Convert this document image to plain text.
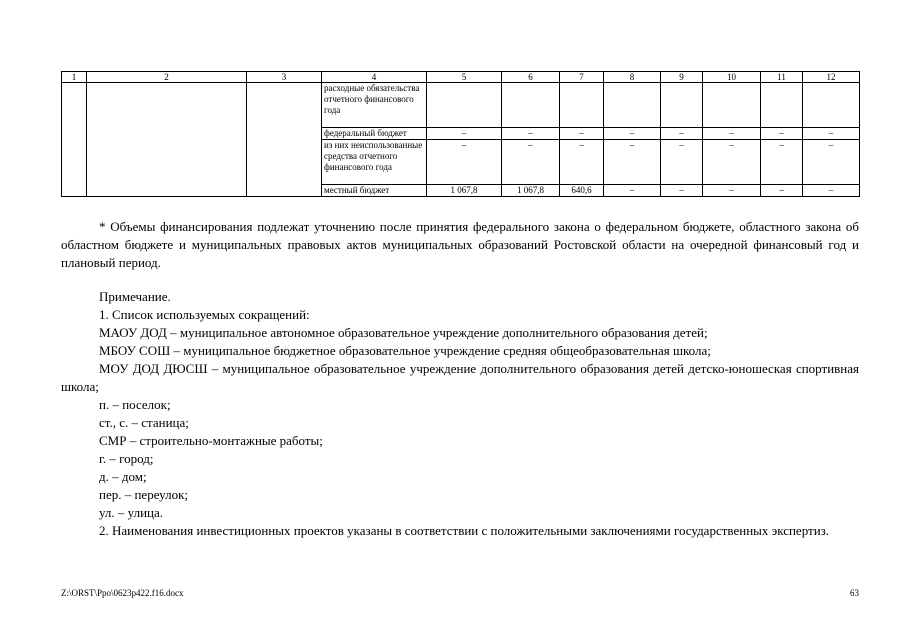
1	2	3	4	5	6	7	8	9	10	11	12
			расходные обязательства отчетного финансового года								
			федеральный бюджет	–	–	–	–	–	–	–	–
			из них неиспользованные средства отчетного финансового года	–	–	–	–	–	–	–	–
			местный бюджет	1 067,8	1 067,8	640,6	–	–	–	–	–

* Объемы финансирования подлежат уточнению после принятия федерального закона о федеральном бюджете, областного закона об областном бюджете и муниципальных правовых актов муниципальных образований Ростовской области на очередной финансовый год и плановый период.

Примечание.

1. Список используемых сокращений:

МАОУ ДОД – муниципальное автономное образовательное учреждение дополнительного образования детей;

МБОУ СОШ – муниципальное бюджетное образовательное учреждение средняя общеобразовательная школа;

МОУ ДОД ДЮСШ – муниципальное образовательное учреждение дополнительного образования детей детско-юношеская спортивная школа;

п. – поселок;

ст., с. – станица;

СМР – строительно-монтажные работы;

г. – город;

д. – дом;

пер. – переулок;

ул. – улица.

2. Наименования инвестиционных проектов указаны в соответствии с положительными заключениями государственных экспертиз.

Z:\ORST\Ppo\0623p422.f16.docx	63
